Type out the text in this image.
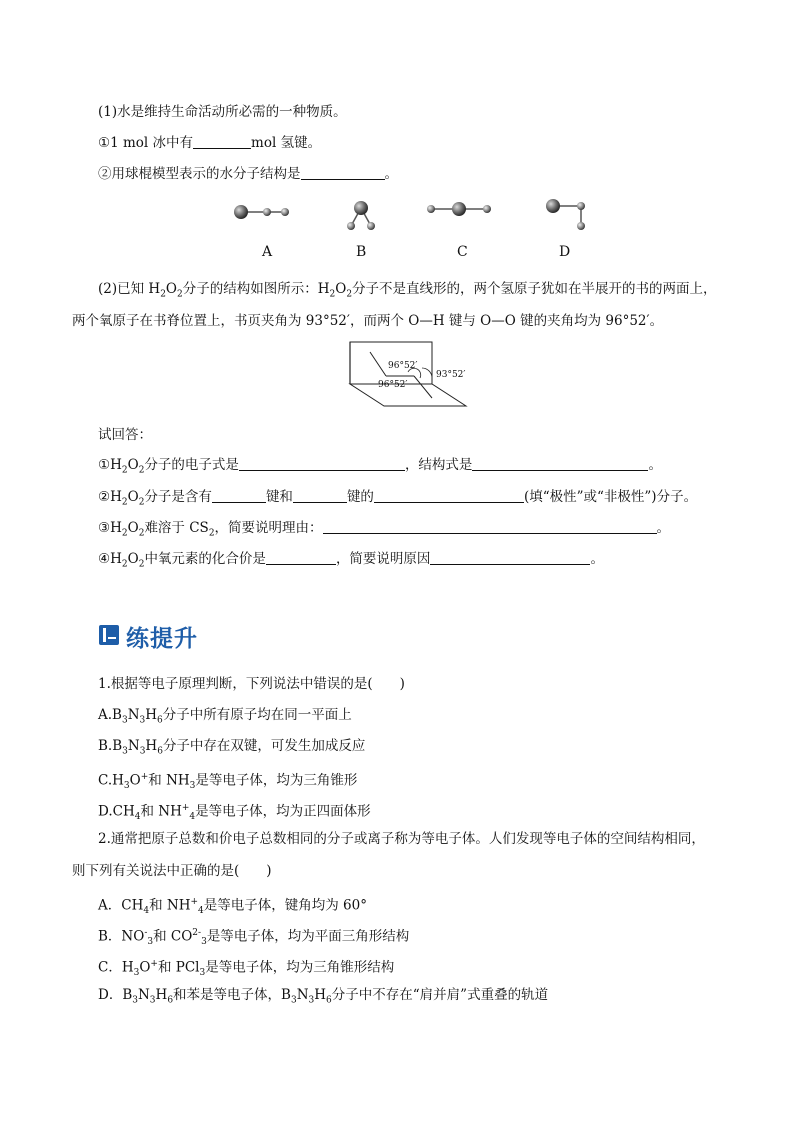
(1)水是维持生命活动所必需的一种物质。
①1 mol 冰中有	mol 氢键。
②用球棍模型表示的水分子结构是	。
A	B	C	D
(2)已知 $H_2O_2$分子的结构如图所示：$H_2O_2$分子不是直线形的，两个氢原子犹如在半展开的书的两面上，
两个氧原子在书脊位置上，书页夹角为 93°52′，而两个 O—H 键与 O—O 键的夹角均为 96°52′。
96°52′
96°52′
93°52′
试回答：
$①H_2O_2$分子的电子式是	，结构式是	。
$②H_2O_2$分子是含有	键和	键的	(填“极性”或“非极性”)分子。
$③H_2O_2$难溶于 $CS_2$，简要说明理由：	。
$④H_2O_2$中氧元素的化合价是	，简要说明原因	。
练提升
1.根据等电子原理判断，下列说法中错误的是(　　)
$A.B_3N_3H_6$分子中所有原子均在同一平面上
$B.B_3N_3H_6$分子中存在双键，可发生加成反应
$C.H_3O^+$和 $NH_3$是等电子体，均为三角锥形
$D.CH_4$和 $NH^+_4$是等电子体，均为正四面体形
2.通常把原子总数和价电子总数相同的分子或离子称为等电子体。人们发现等电子体的空间结构相同，
则下列有关说法中正确的是(　　)
A．$CH_4$和 $NH^+_4$是等电子体，键角均为 60°
B．$NO^-_3$和 $CO^{2-}_3$是等电子体，均为平面三角形结构
C．$H_3O^+$和 PCl$_3$是等电子体，均为三角锥形结构
D．$B_3N_3H_6$和苯是等电子体，$B_3N_3H_6$分子中不存在“肩并肩”式重叠的轨道
